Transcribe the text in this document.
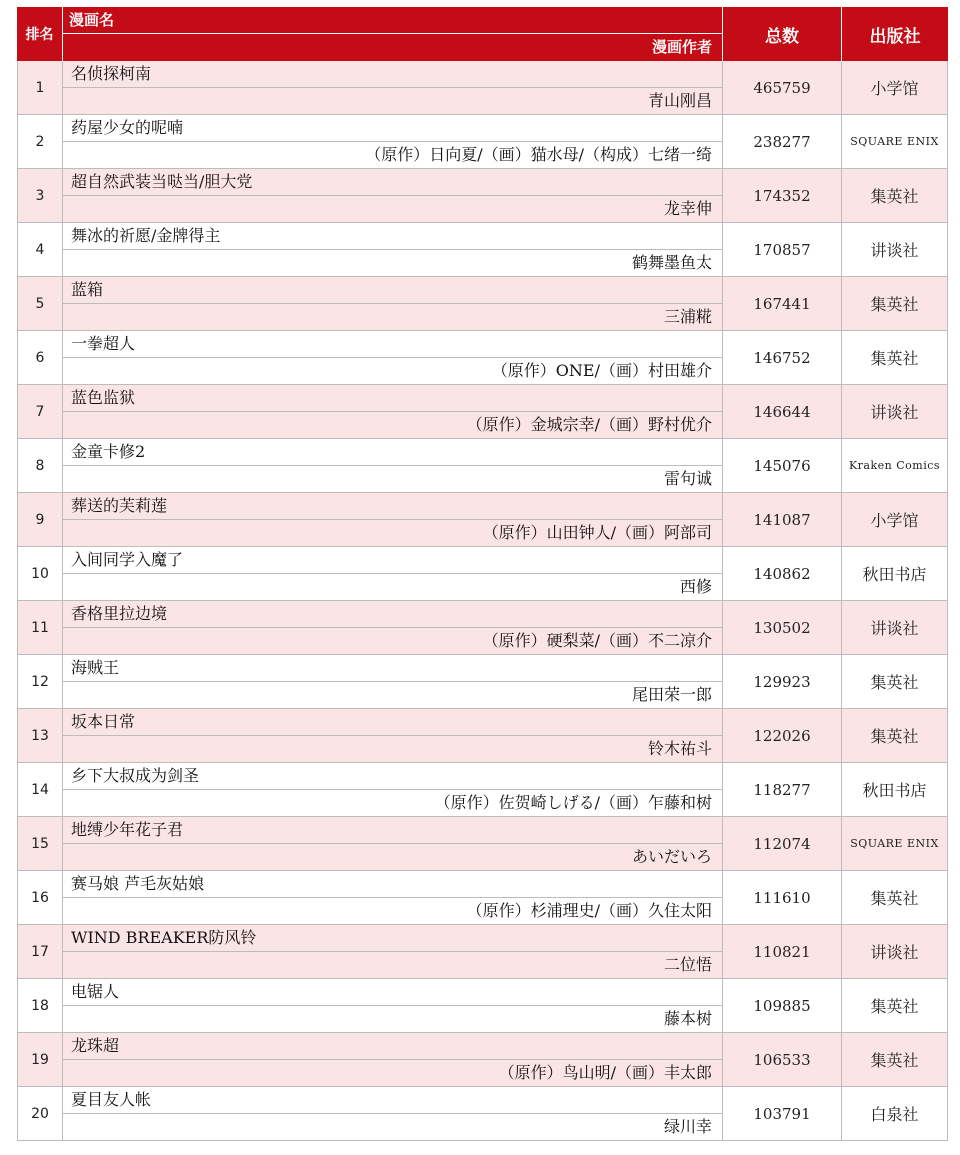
排名
漫画名
漫画作者
总数	出版社
1
名侦探柯南
青山刚昌
465759	小学馆
2
药屋少女的呢喃
（原作）日向夏/（画）猫水母/（构成）七绪一绮
238277	SQUARE ENIX
3
超自然武装当哒当/胆大党
龙幸伸
174352	集英社
4
舞冰的祈愿/金牌得主
鹤舞墨鱼太
170857	讲谈社
5
蓝箱
三浦糀
167441	集英社
6
一拳超人
（原作）ONE/（画）村田雄介
146752	集英社
7
蓝色监狱
（原作）金城宗幸/（画）野村优介
146644	讲谈社
8
金童卡修2
雷句诚
145076	Kraken Comics
9
葬送的芙莉莲
（原作）山田钟人/（画）阿部司
141087	小学馆
10
入间同学入魔了
西修
140862	秋田书店
11
香格里拉边境
（原作）硬梨菜/（画）不二凉介
130502	讲谈社
12
海贼王
尾田荣一郎
129923	集英社
13
坂本日常
铃木祐斗
122026	集英社
14
乡下大叔成为剑圣
（原作）佐贺崎しげる/（画）乍藤和树
118277	秋田书店
15
地缚少年花子君
あいだいろ
112074	SQUARE ENIX
16
赛马娘 芦毛灰姑娘
（原作）杉浦理史/（画）久住太阳
111610	集英社
17
WIND BREAKER防风铃
二位悟
110821	讲谈社
18
电锯人
藤本树
109885	集英社
19
龙珠超
（原作）鸟山明/（画）丰太郎
106533	集英社
20
夏目友人帐
绿川幸
103791	白泉社
